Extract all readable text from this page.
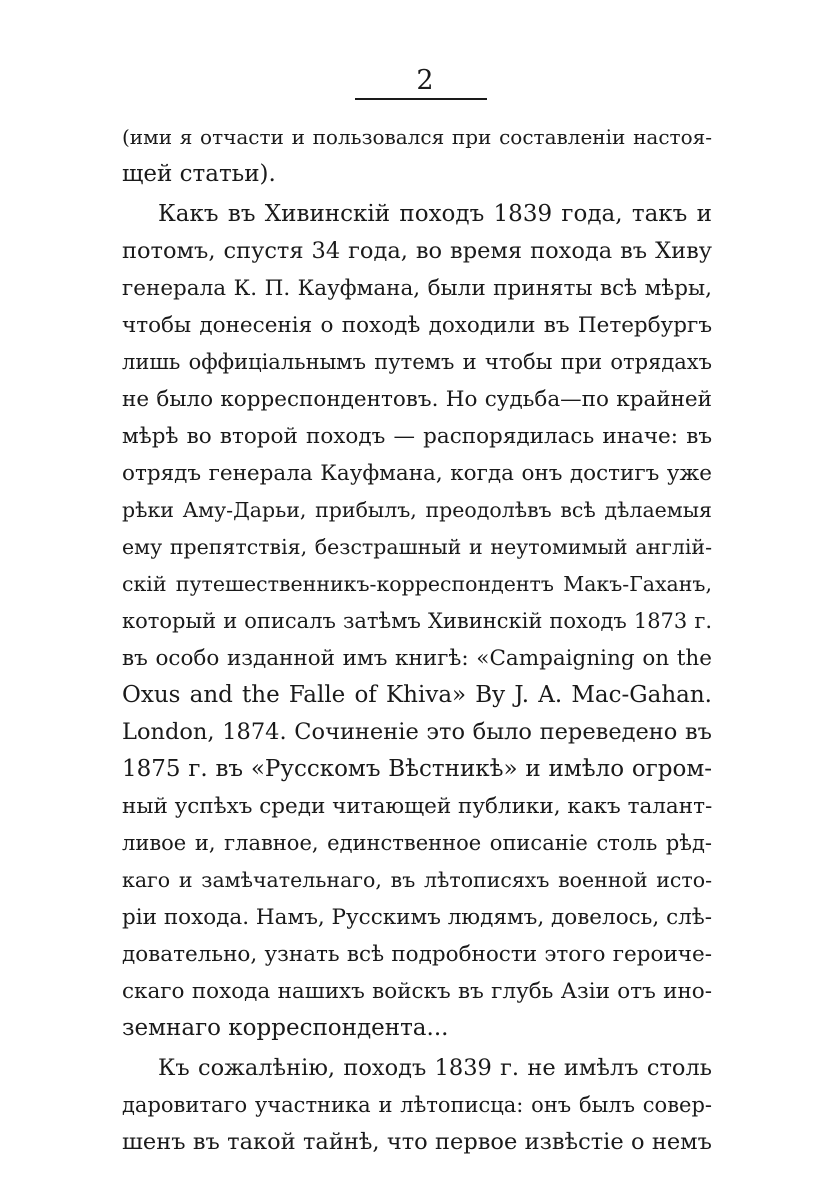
2
(ими я отчасти и пользовался при составленіи настоя-
щей статьи).
Какъ въ Хивинскій походъ 1839 года, такъ и
потомъ, спустя 34 года, во время похода въ Хиву
генерала К. П. Кауфмана, были приняты всѣ мѣры,
чтобы донесенія о походѣ доходили въ Петербургъ
лишь оффиціальнымъ путемъ и чтобы при отрядахъ
не было корреспондентовъ. Но судьба—по крайней
мѣрѣ во второй походъ — распорядилась иначе: въ
отрядъ генерала Кауфмана, когда онъ достигъ уже
рѣки Аму-Дарьи, прибылъ, преодолѣвъ всѣ дѣлаемыя
ему препятствія, безстрашный и неутомимый англій-
скій путешественникъ-корреспондентъ Макъ-Гаханъ,
который и описалъ затѣмъ Хивинскій походъ 1873 г.
въ особо изданной имъ книгѣ: «Campaigning on the
Oxus and the Falle of Khiva» By J. A. Mac-Gahan.
London, 1874. Сочиненіе это было переведено въ
1875 г. въ «Русскомъ Вѣстникѣ» и имѣло огром-
ный успѣхъ среди читающей публики, какъ талант-
ливое и, главное, единственное описаніе столь рѣд-
каго и замѣчательнаго, въ лѣтописяхъ военной исто-
ріи похода. Намъ, Русскимъ людямъ, довелось, слѣ-
довательно, узнать всѣ подробности этого героиче-
скаго похода нашихъ войскъ въ глубь Азіи отъ ино-
земнаго корреспондента...
Къ сожалѣнію, походъ 1839 г. не имѣлъ столь
даровитаго участника и лѣтописца: онъ былъ совер-
шенъ въ такой тайнѣ, что первое извѣстіе о немъ
